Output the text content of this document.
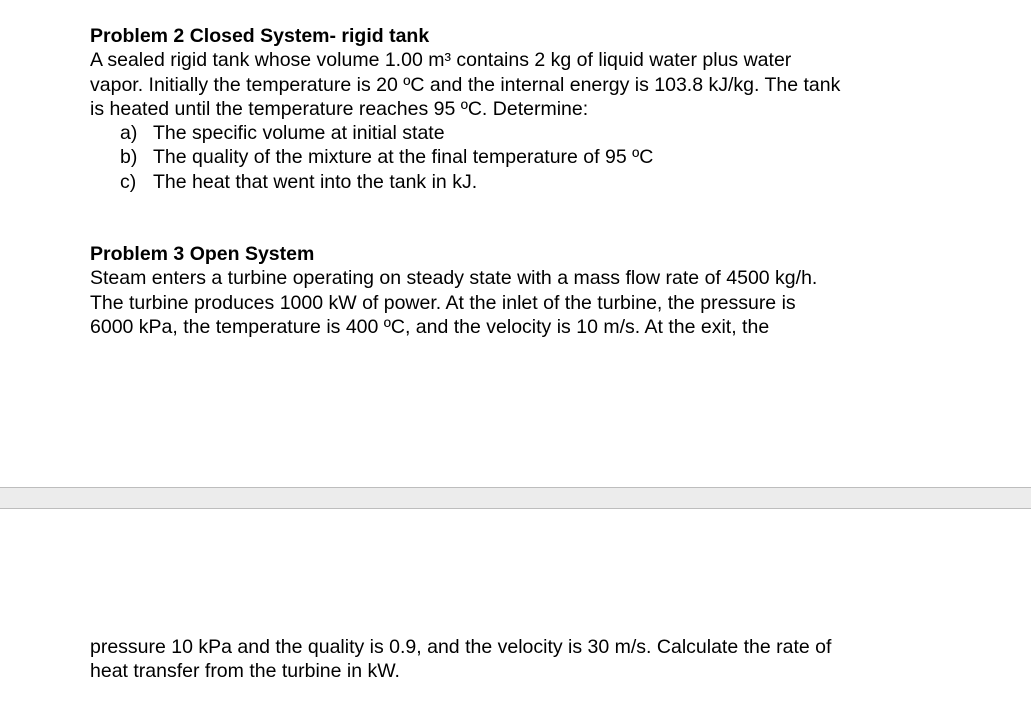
Problem 2 Closed System- rigid tank
A sealed rigid tank whose volume 1.00 m³ contains 2 kg of liquid water plus water
vapor. Initially the temperature is 20 ºC and the internal energy is 103.8 kJ/kg. The tank
is heated until the temperature reaches 95 ºC. Determine:
a) The specific volume at initial state
b) The quality of the mixture at the final temperature of 95 ºC
c) The heat that went into the tank in kJ.
Problem 3 Open System
Steam enters a turbine operating on steady state with a mass flow rate of 4500 kg/h.
The turbine produces 1000 kW of power. At the inlet of the turbine, the pressure is
6000 kPa, the temperature is 400 ºC, and the velocity is 10 m/s. At the exit, the
pressure 10 kPa and the quality is 0.9, and the velocity is 30 m/s. Calculate the rate of
heat transfer from the turbine in kW.
